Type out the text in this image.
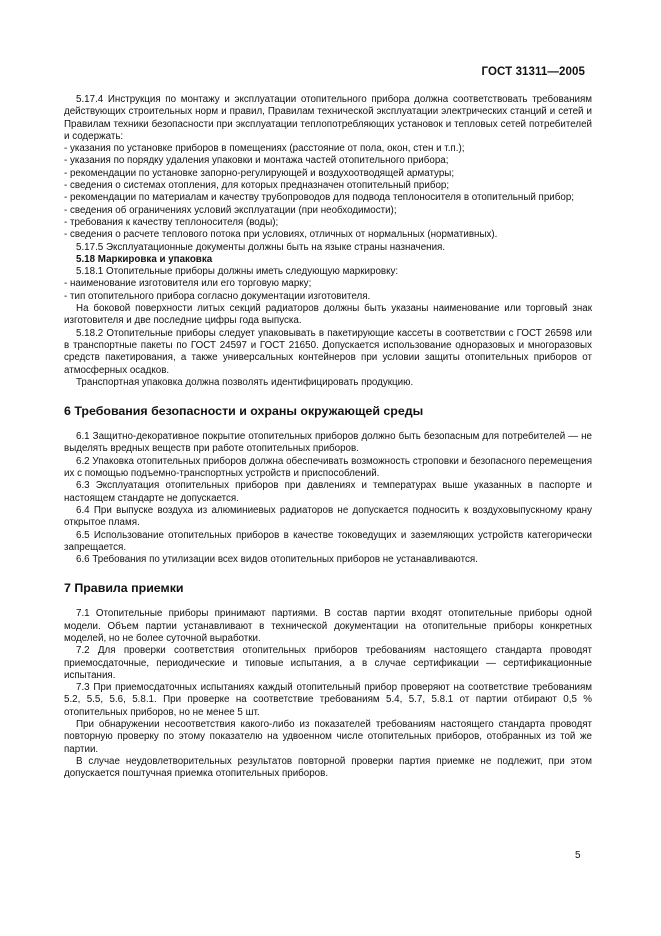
ГОСТ 31311—2005

5.17.4 Инструкция по монтажу и эксплуатации отопительного прибора должна соответствовать требованиям действующих строительных норм и правил, Правилам технической эксплуатации электрических станций и сетей и Правилам техники безопасности при эксплуатации теплопотребляющих установок и тепловых сетей потребителей и содержать:

- указания по установке приборов в помещениях (расстояние от пола, окон, стен и т.п.);

- указания по порядку удаления упаковки и монтажа частей отопительного прибора;

- рекомендации по установке запорно-регулирующей и воздухоотводящей арматуры;

- сведения о системах отопления, для которых предназначен отопительный прибор;

- рекомендации по материалам и качеству трубопроводов для подвода теплоносителя в отопительный прибор;

- сведения об ограничениях условий эксплуатации (при необходимости);

- требования к качеству теплоносителя (воды);

- сведения о расчете теплового потока при условиях, отличных от нормальных (нормативных).

5.17.5 Эксплуатационные документы должны быть на языке страны назначения.

5.18 Маркировка и упаковка

5.18.1 Отопительные приборы должны иметь следующую маркировку:

- наименование изготовителя или его торговую марку;

- тип отопительного прибора согласно документации изготовителя.

На боковой поверхности литых секций радиаторов должны быть указаны наименование или торговый знак изготовителя и две последние цифры года выпуска.

5.18.2 Отопительные приборы следует упаковывать в пакетирующие кассеты в соответствии с ГОСТ 26598 или в транспортные пакеты по ГОСТ 24597 и ГОСТ 21650. Допускается использование одноразовых и многоразовых средств пакетирования, а также универсальных контейнеров при условии защиты отопительных приборов от атмосферных осадков.

Транспортная упаковка должна позволять идентифицировать продукцию.

6 Требования безопасности и охраны окружающей среды

6.1 Защитно-декоративное покрытие отопительных приборов должно быть безопасным для потребителей — не выделять вредных веществ при работе отопительных приборов.

6.2 Упаковка отопительных приборов должна обеспечивать возможность строповки и безопасного перемещения их с помощью подъемно-транспортных устройств и приспособлений.

6.3 Эксплуатация отопительных приборов при давлениях и температурах выше указанных в паспорте и настоящем стандарте не допускается.

6.4 При выпуске воздуха из алюминиевых радиаторов не допускается подносить к воздуховыпускному крану открытое пламя.

6.5 Использование отопительных приборов в качестве токоведущих и заземляющих устройств категорически запрещается.

6.6 Требования по утилизации всех видов отопительных приборов не устанавливаются.

7 Правила приемки

7.1 Отопительные приборы принимают партиями. В состав партии входят отопительные приборы одной модели. Объем партии устанавливают в технической документации на отопительные приборы конкретных моделей, но не более суточной выработки.

7.2 Для проверки соответствия отопительных приборов требованиям настоящего стандарта проводят приемосдаточные, периодические и типовые испытания, а в случае сертификации — сертификационные испытания.

7.3 При приемосдаточных испытаниях каждый отопительный прибор проверяют на соответствие требованиям 5.2, 5.5, 5.6, 5.8.1. При проверке на соответствие требованиям 5.4, 5.7, 5.8.1 от партии отбирают 0,5 % отопительных приборов, но не менее 5 шт.

При обнаружении несоответствия какого-либо из показателей требованиям настоящего стандарта проводят повторную проверку по этому показателю на удвоенном числе отопительных приборов, отобранных из той же партии.

В случае неудовлетворительных результатов повторной проверки партия приемке не подлежит, при этом допускается поштучная приемка отопительных приборов.

5
